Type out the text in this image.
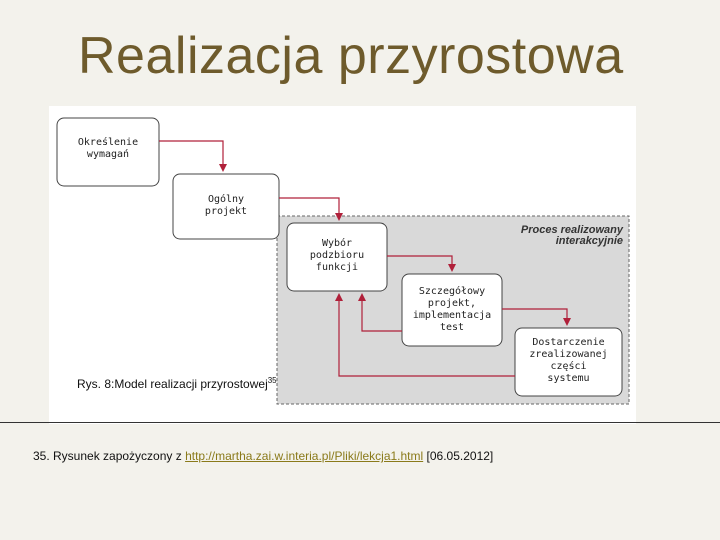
Realizacja przyrostowa
Określenie
wymagań
Ogólny
projekt
Wybór
podzbioru
funkcji
Szczegółowy
projekt,
implementacja
test
Dostarczenie
zrealizowanej
części
systemu
Proces realizowany
interakcyjnie
Rys. 8:Model realizacji przyrostowej$^{35}$
35. Rysunek zapożyczony z http://martha.zai.w.interia.pl/Pliki/lekcja1.html [06.05.2012]
